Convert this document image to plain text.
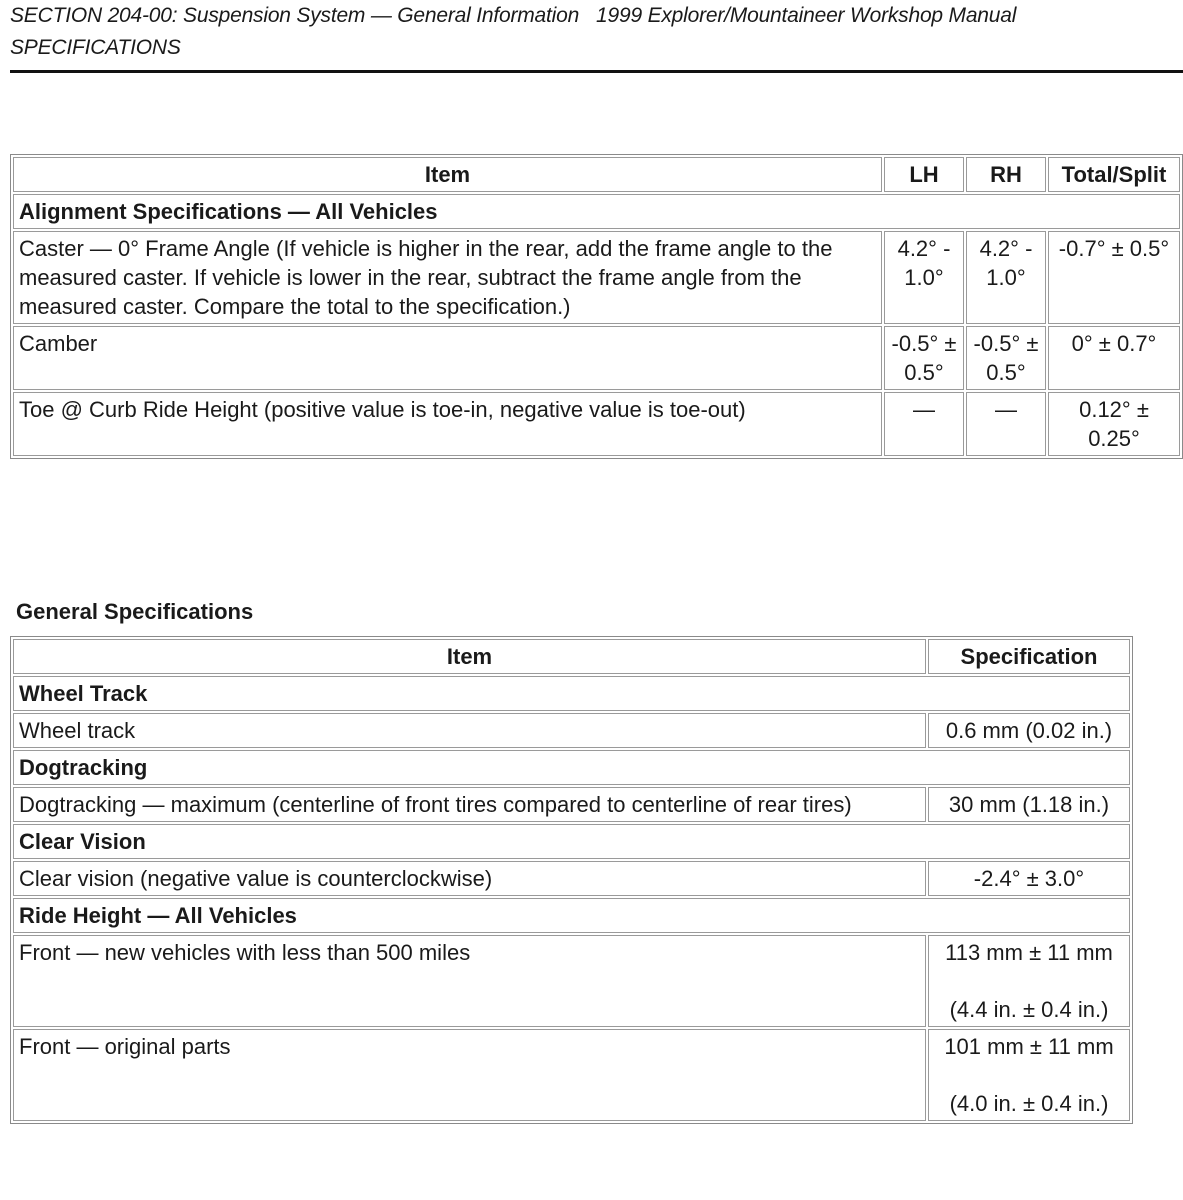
SECTION 204-00: Suspension System — General Information 1999 Explorer/Mountaineer Workshop Manual
SPECIFICATIONS
Item	LH	RH	Total/Split
Alignment Specifications — All Vehicles			
Caster — 0° Frame Angle (If vehicle is higher in the rear, add the frame angle to the measured caster. If vehicle is lower in the rear, subtract the frame angle from the measured caster. Compare the total to the specification.)	4.2° - 1.0°	4.2° - 1.0°	-0.7° ± 0.5°
Camber	-0.5° ± 0.5°	-0.5° ± 0.5°	0° ± 0.7°
Toe @ Curb Ride Height (positive value is toe-in, negative value is toe-out)	—	—	0.12° ± 0.25°
General Specifications
Item	Specification
Wheel Track	
Wheel track	0.6 mm (0.02 in.)
Dogtracking	
Dogtracking — maximum (centerline of front tires compared to centerline of rear tires)	30 mm (1.18 in.)
Clear Vision	
Clear vision (negative value is counterclockwise)	-2.4° ± 3.0°
Ride Height — All Vehicles	
Front — new vehicles with less than 500 miles	113 mm ± 11 mm
(4.4 in. ± 0.4 in.)
Front — original parts	101 mm ± 11 mm
(4.0 in. ± 0.4 in.)
